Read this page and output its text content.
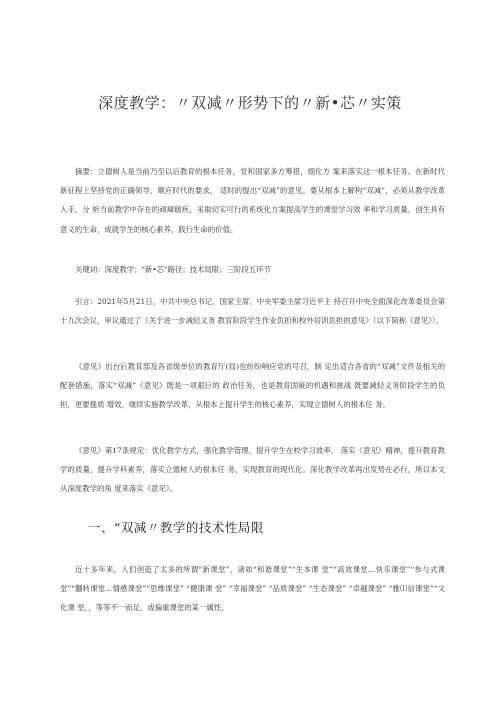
深度教学：〃双减〃形势下的〃新•芯〃实策
摘要：立德树人是当前乃至以后教育的根本任务，党和国家多方筹措，细化方 案来落实这一根本任务。在新时代新征程上坚持党的正确领导，顺应时代的要求， 适时的提出“双减”的意见。要从根本上解构“双减”，必须从教学改革入手，分 析当前教学中存在的顽瘴痼疾，采取切实可行的系统化方案提高学生的课堂学习效 率和学习质量，创生具有意义的生命，成就学生的核心素养，践行生命的价值。
关键词：深度教学；"新•芯"路径；技术局限；三阶段五环节
引言：2021年5月21日，中共中央总书记、国家主席、中央军委主席习近平主 持召开中央全面深化改革委员会第十九次会议，审议通过了《关于进一步减轻义务 教育阶段学生作业负担和校外培训负担的意见》（以下简称《意见》）。
《意见》出台后教育部及各省级单位的教育厅(局)也纷纷响应党的号召，制 定出适合各省的“双减”文件及相关的配套措施，落实“双减”《意见》既是一项艰巨的 政治任务，也是教育固疵的机遇和挑战 既要减轻义务阶段学生的负担，更要提质 增效，继续实施教学改革，从根本上提升学生的核心素养，实现立德树人的根本任 务。
《意见》第17条规定：优化教学方式，强化教学管理，提升学生在校学习效率。 落实《意见》精神，提升教育教学的质量，提升学科素养，落实立德树人的根本任 务，实现教育的现代化。深化教学改革再出发势在必行，所以本文从深度教学的角 度来落实《意见》。
一、“双减〃教学的技术性局限
近十多年来，人们创造了太多的所谓“新课堂”，诸如“和谐课堂”“生本课 堂”“高效课堂…快乐课堂”“参与式课堂”“翻转课堂…情感课堂”“思维课堂” “健康课 堂” “幸福课堂” “品质课堂” “生态课堂” “卓越课堂” “雅⑴信课堂”“文化课 堂，，等等不一而足，或偏重课堂的某一属性、
